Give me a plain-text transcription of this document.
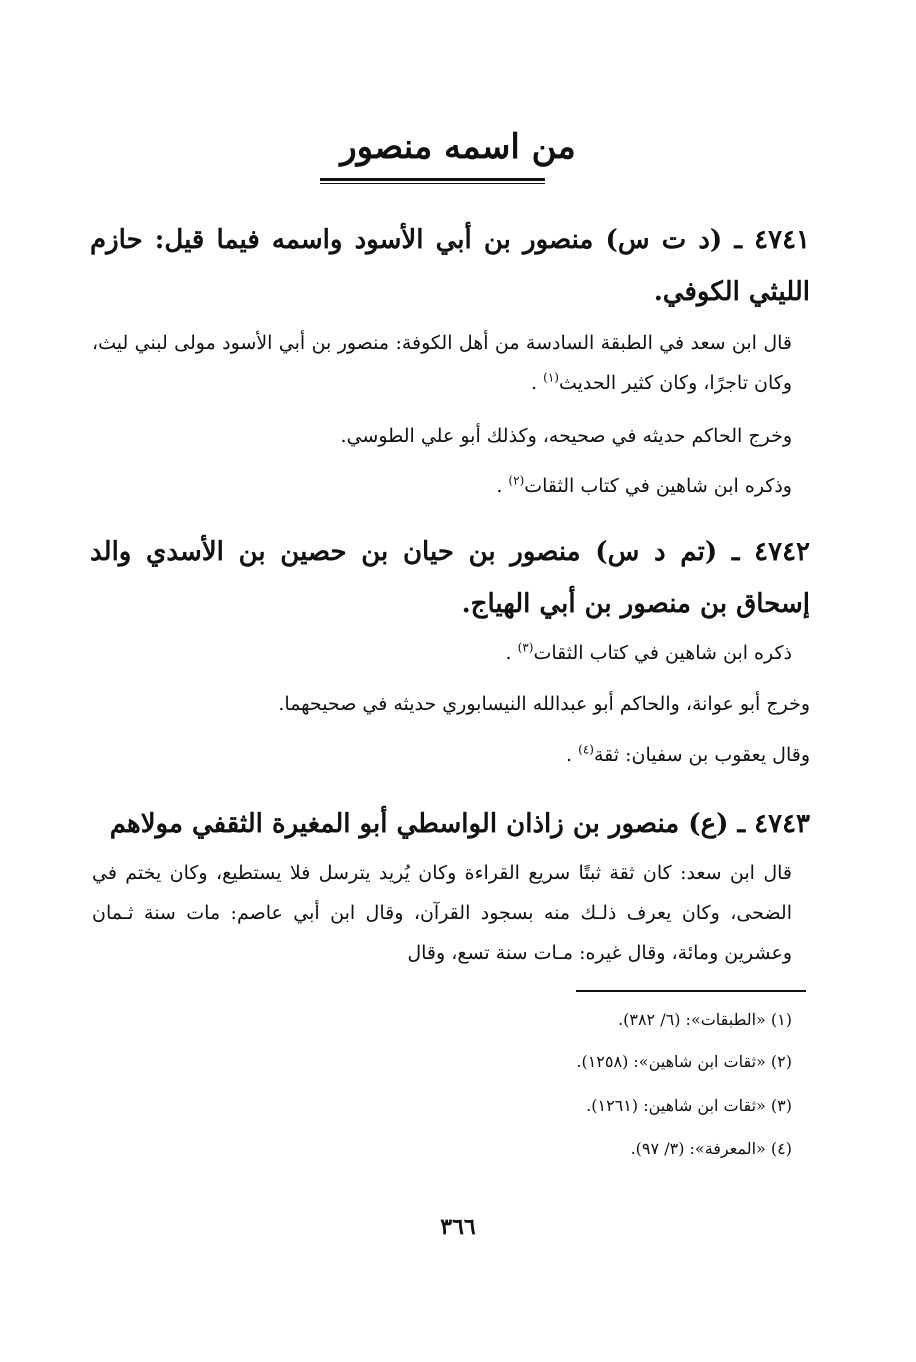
من اسمه منصور

٤٧٤١ ـ (د ت س) منصور بن أبي الأسود واسمه فيما قيل: حازم الليثي الكوفي.

قال ابن سعد في الطبقة السادسة من أهل الكوفة: منصور بن أبي الأسود مولى لبني ليث، وكان تاجرًا، وكان كثير الحديث$^{(١)}$ .

وخرج الحاكم حديثه في صحيحه، وكذلك أبو علي الطوسي.

وذكره ابن شاهين في كتاب الثقات$^{(٢)}$ .

٤٧٤٢ ـ (تم د س) منصور بن حيان بن حصين بن الأسدي والد إسحاق بن منصور بن أبي الهياج.

ذكره ابن شاهين في كتاب الثقات$^{(٣)}$ .

وخرج أبو عوانة، والحاكم أبو عبدالله النيسابوري حديثه في صحيحهما.

وقال يعقوب بن سفيان: ثقة$^{(٤)}$ .

٤٧٤٣ ـ (ع) منصور بن زاذان الواسطي أبو المغيرة الثقفي مولاهم

قال ابن سعد: كان ثقة ثبتًا سريع القراءة وكان يُريد يترسل فلا يستطيع، وكان يختم في الضحى، وكان يعرف ذلـك منه بسجود القرآن، وقال ابن أبي عاصم: مات سنة ثـمان وعشرين ومائة، وقال غيره: مـات سنة تسع، وقال

(١) «الطبقات»: (٦/ ٣٨٢).

(٢) «ثقات ابن شاهين»: (١٢٥٨).

(٣) «ثقات ابن شاهين: (١٢٦١).

(٤) «المعرفة»: (٣/ ٩٧).

٣٦٦
